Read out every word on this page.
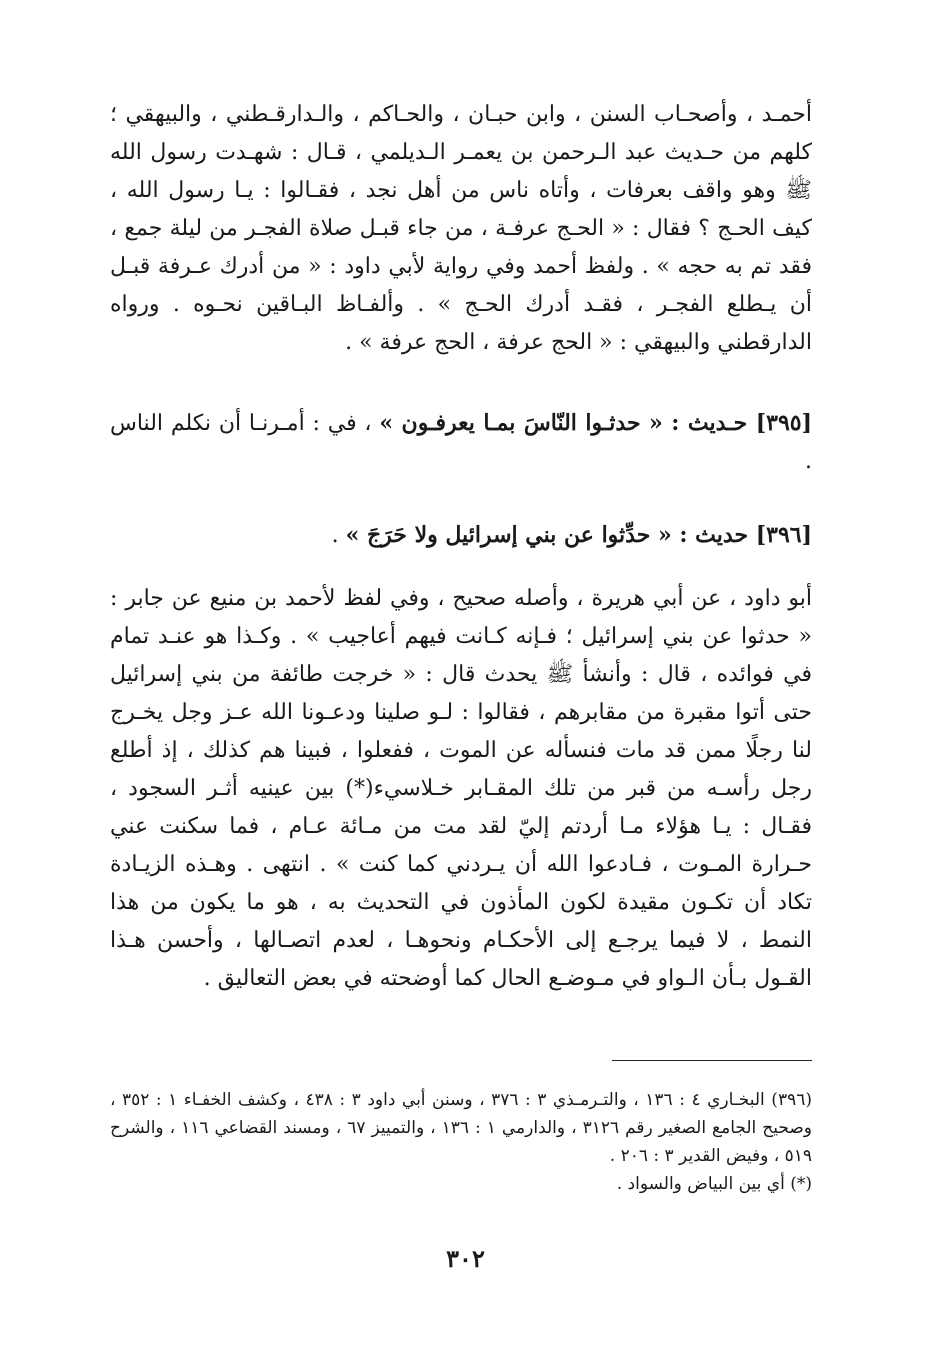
أحمـد ، وأصحـاب السنن ، وابن حبـان ، والحـاكم ، والـدارقـطني ، والبيهقي ؛ كلهم من حـديث عبد الـرحمن بن يعمـر الـديلمي ، قـال : شهـدت رسول الله ﷺ وهو واقف بعرفات ، وأتاه ناس من أهل نجد ، فقـالوا : يـا رسول الله ، كيف الحـج ؟ فقال : « الحـج عرفـة ، من جاء قبـل صلاة الفجـر من ليلة جمع ، فقد تم به حجه » . ولفظ أحمد وفي رواية لأبي داود : « من أدرك عـرفة قبـل أن يـطلع الفجـر ، فقـد أدرك الحـج » . وألفـاظ البـاقين نحـوه . ورواه الدارقطني والبيهقي : « الحج عرفة ، الحج عرفة » .

[٣٩٥] حـديث : « حدثـوا النّاسَ بمـا يعرفـون » ، في : أمـرنـا أن نكلم الناس .

[٣٩٦] حديث : « حدِّثوا عن بني إسرائيل ولا حَرَجَ » .

أبو داود ، عن أبي هريرة ، وأصله صحيح ، وفي لفظ لأحمد بن منيع عن جابر : « حدثوا عن بني إسرائيل ؛ فـإنه كـانت فيهم أعاجيب » . وكـذا هو عنـد تمام في فوائده ، قال : وأنشأ ﷺ يحدث قال : « خرجت طائفة من بني إسرائيل حتى أتوا مقبرة من مقابرهم ، فقالوا : لـو صلينا ودعـونا الله عـز وجل يخـرج لنا رجلًا ممن قد مات فنسأله عن الموت ، ففعلوا ، فبينا هم كذلك ، إذ أطلع رجل رأسـه من قبر من تلك المقـابر خـلاسيء(*) بين عينيه أثـر السجود ، فقـال : يـا هؤلاء مـا أردتم إليّ لقد مت من مـائة عـام ، فما سكنت عني حـرارة المـوت ، فـادعوا الله أن يـردني كما كنت » . انتهى . وهـذه الزيـادة تكاد أن تكـون مقيدة لكون المأذون في التحديث به ، هو ما يكون من هذا النمط ، لا فيما يرجـع إلى الأحكـام ونحوهـا ، لعدم اتصـالها ، وأحسن هـذا القـول بـأن الـواو في مـوضـع الحال كما أوضحته في بعض التعاليق .

(٣٩٦) البخـاري ٤ : ١٣٦ ، والتـرمـذي ٣ : ٣٧٦ ، وسنن أبي داود ٣ : ٤٣٨ ، وكشف الخفـاء ١ : ٣٥٢ ، وصحيح الجامع الصغير رقم ٣١٢٦ ، والدارمي ١ : ١٣٦ ، والتمييز ٦٧ ، ومسند القضاعي ١١٦ ، والشرح ٥١٩ ، وفيض القدير ٣ : ٢٠٦ .

(*) أي بين البياض والسواد .

٣٠٢
